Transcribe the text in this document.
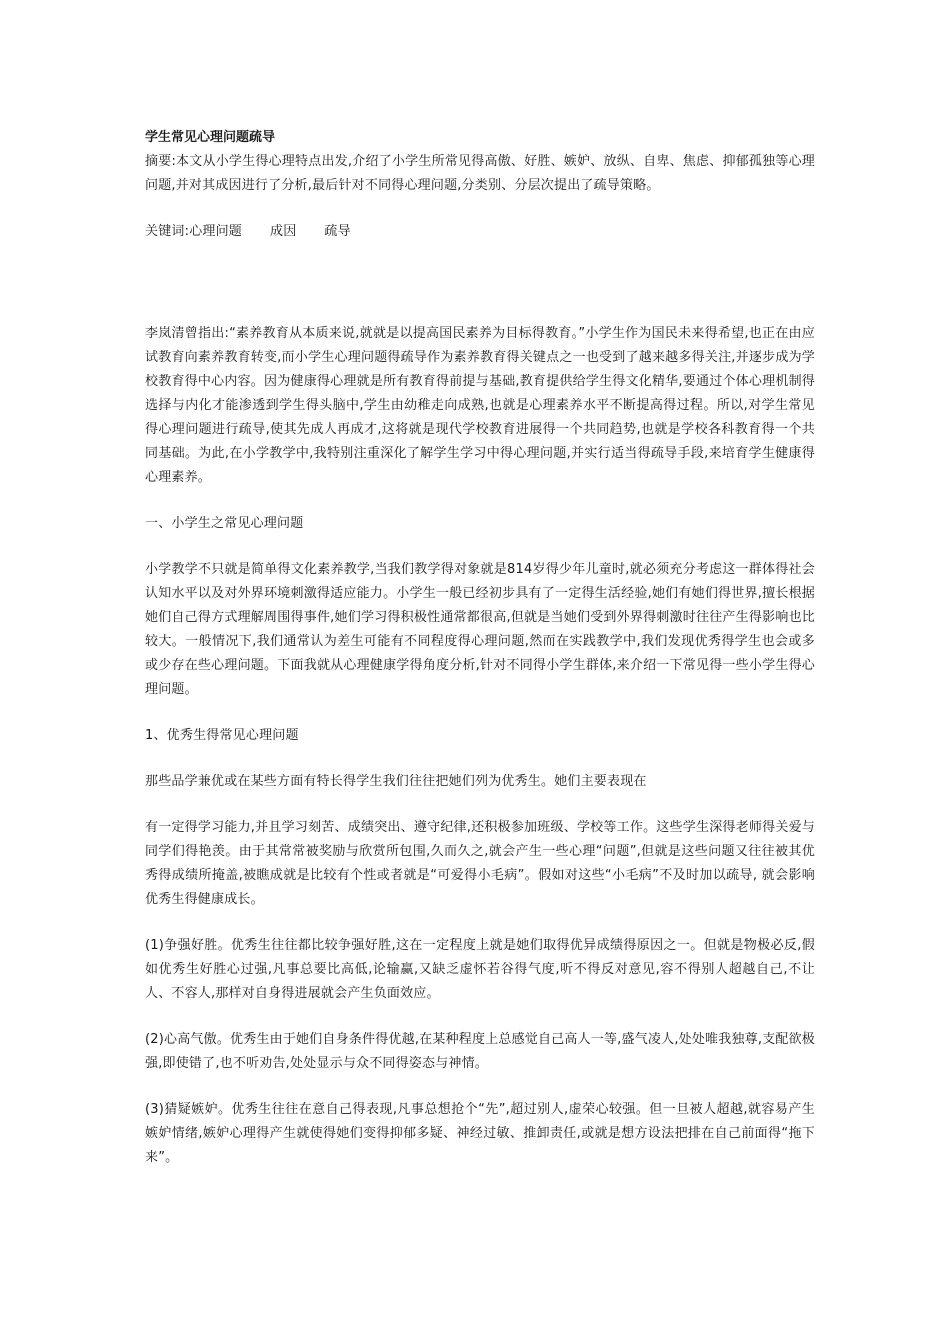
学生常见心理问题疏导

摘要:本文从小学生得心理特点出发,介绍了小学生所常见得高傲、好胜、嫉妒、放纵、自卑、焦虑、抑郁孤独等心理问题,并对其成因进行了分析,最后针对不同得心理问题,分类别、分层次提出了疏导策略。

关键词:心理问题 成因 疏导

李岚清曾指出:“素养教育从本质来说,就就是以提高国民素养为目标得教育。”小学生作为国民未来得希望,也正在由应试教育向素养教育转变,而小学生心理问题得疏导作为素养教育得关键点之一也受到了越来越多得关注,并逐步成为学校教育得中心内容。因为健康得心理就是所有教育得前提与基础,教育提供给学生得文化精华,要通过个体心理机制得选择与内化才能渗透到学生得头脑中,学生由幼稚走向成熟,也就是心理素养水平不断提高得过程。所以,对学生常见得心理问题进行疏导,使其先成人再成才,这将就是现代学校教育进展得一个共同趋势,也就是学校各科教育得一个共同基础。为此,在小学教学中,我特别注重深化了解学生学习中得心理问题,并实行适当得疏导手段,来培育学生健康得心理素养。

一、小学生之常见心理问题

小学教学不只就是简单得文化素养教学,当我们教学得对象就是814岁得少年儿童时,就必须充分考虑这一群体得社会认知水平以及对外界环境刺激得适应能力。小学生一般已经初步具有了一定得生活经验,她们有她们得世界,擅长根据她们自己得方式理解周围得事件,她们学习得积极性通常都很高,但就是当她们受到外界得刺激时往往产生得影响也比较大。一般情况下,我们通常认为差生可能有不同程度得心理问题,然而在实践教学中,我们发现优秀得学生也会或多或少存在些心理问题。下面我就从心理健康学得角度分析,针对不同得小学生群体,来介绍一下常见得一些小学生得心理问题。

1、优秀生得常见心理问题

那些品学兼优或在某些方面有特长得学生我们往往把她们列为优秀生。她们主要表现在

有一定得学习能力,并且学习刻苦、成绩突出、遵守纪律,还积极参加班级、学校等工作。这些学生深得老师得关爱与同学们得艳羡。由于其常常被奖励与欣赏所包围,久而久之,就会产生一些心理“问题”,但就是这些问题又往往被其优秀得成绩所掩盖,被瞧成就是比较有个性或者就是“可爱得小毛病”。假如对这些“小毛病”不及时加以疏导, 就会影响优秀生得健康成长。

(1)争强好胜。优秀生往往都比较争强好胜,这在一定程度上就是她们取得优异成绩得原因之一。但就是物极必反,假如优秀生好胜心过强,凡事总要比高低,论输赢,又缺乏虚怀若谷得气度,听不得反对意见,容不得别人超越自己,不让人、不容人,那样对自身得进展就会产生负面效应。

(2)心高气傲。优秀生由于她们自身条件得优越,在某种程度上总感觉自己高人一等,盛气凌人,处处唯我独尊,支配欲极强,即使错了,也不听劝告,处处显示与众不同得姿态与神情。

(3)猜疑嫉妒。优秀生往往在意自己得表现,凡事总想抢个“先”,超过别人,虚荣心较强。但一旦被人超越,就容易产生嫉妒情绪,嫉妒心理得产生就使得她们变得抑郁多疑、神经过敏、推卸责任,或就是想方设法把排在自己前面得“拖下来”。
